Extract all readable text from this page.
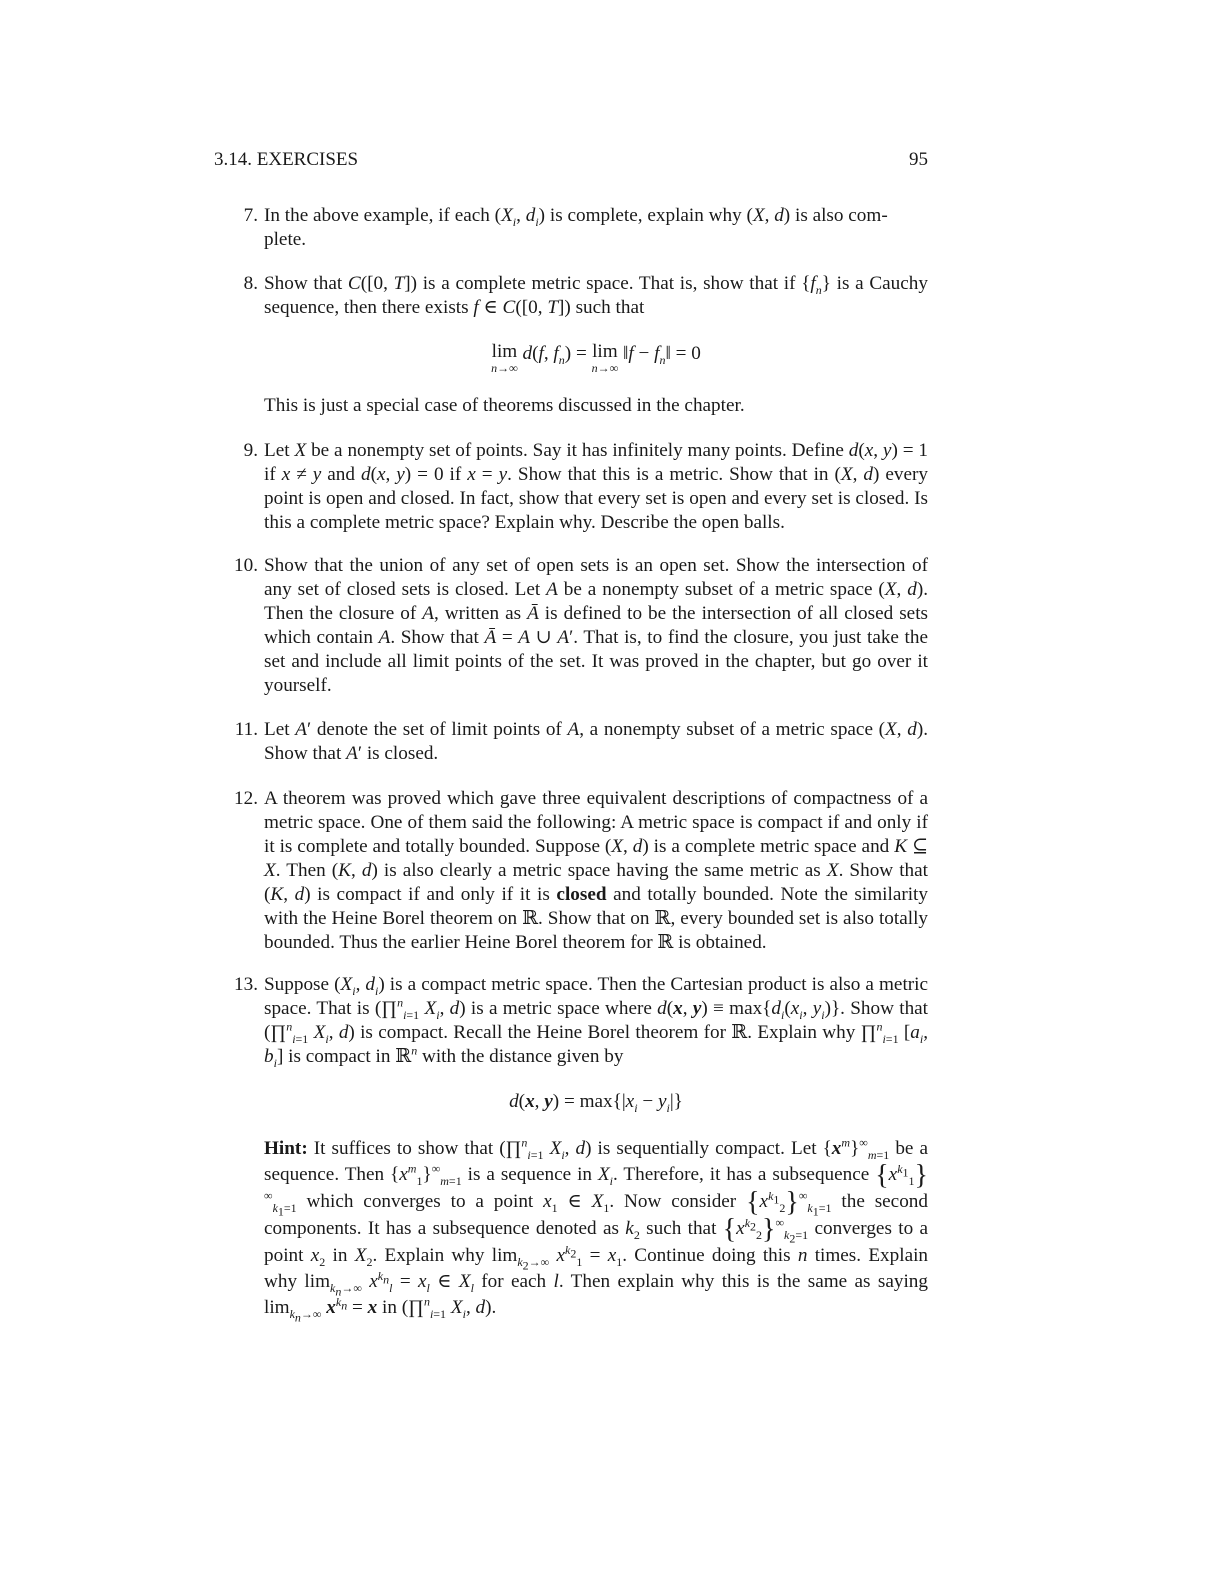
3.14. EXERCISES	95
7. In the above example, if each ($X_i$, $d_i$) is complete, explain why (X, d) is also com-
plete.
8. Show that C([0, T]) is a complete metric space. That is, show that if $\{f_n\}$ is a Cauchy sequence, then there exists f ∈ C([0, T]) such that
lim
n→∞
d(f, $f_n) = \lim$
n→∞
‖f − $f_n‖ = 0$
This is just a special case of theorems discussed in the chapter.
9. Let X be a nonempty set of points. Say it has infinitely many points. Define d(x, y) = 1 if x ≠ y and d(x, y) = 0 if x = y. Show that this is a metric. Show that in (X, d) every point is open and closed. In fact, show that every set is open and every set is closed. Is this a complete metric space? Explain why. Describe the open balls.
10. Show that the union of any set of open sets is an open set. Show the intersection of any set of closed sets is closed. Let A be a nonempty subset of a metric space (X, d). Then the closure of A, written as Ā is defined to be the intersection of all closed sets which contain A. Show that Ā = A ∪ A′. That is, to find the closure, you just take the set and include all limit points of the set. It was proved in the chapter, but go over it yourself.
11. Let A′ denote the set of limit points of A, a nonempty subset of a metric space (X, d). Show that A′ is closed.
12. A theorem was proved which gave three equivalent descriptions of compactness of a metric space. One of them said the following: A metric space is compact if and only if it is complete and totally bounded. Suppose (X, d) is a complete metric space and K ⊆ X. Then (K, d) is also clearly a metric space having the same metric as X. Show that (K, d) is compact if and only if it is closed and totally bounded. Note the similarity with the Heine Borel theorem on ℝ. Show that on ℝ, every bounded set is also totally bounded. Thus the earlier Heine Borel theorem for ℝ is obtained.
13. Suppose ($X_i$, $d_i$) is a compact metric space. Then the Cartesian product is also a metric space. That is (∏$^n_{i=1}$ $X_i$, d) is a metric space where d(x, $y) \equiv \max\{d_i(x_i$, $y_i$)}. Show that (∏$^n_{i=1}$ $X_i$, d) is compact. Recall the Heine Borel theorem for ℝ. Explain why ∏$^n_{i=1}$ [$a_i$, $b_i$] is compact in ℝ$^n$ with the distance given by
d(x, $y) = \max\{|x_i - y_i|\}$
Hint: It suffices to show that (∏$^n_{i=1}$ $X_i$, d) is sequentially compact. Let $\{x^m\}^\infty_{m=1}$ be a sequence. Then $\{x^m_1\}^\infty_{m=1}$ is a sequence in $X_i$. Therefore, it has a subsequence $\{x^{k_1}_1\}^\infty_{k_1=1}$ which converges to a point $x_1$ ∈ $X_1$. Now consider $\{x^{k_1}_2\}^\infty_{k_1=1}$ the second components. It has a subsequence denoted as $k_2$ such that $\{x^{k_2}_2\}^\infty_{k_2=1}$ converges to a point $x_2$ in $X_2$. Explain why $\lim_{k_2\to\infty} x^{k_2}_1 = x_1$. Continue doing this n times. Explain why $\lim_{k_n\to\infty} x^{k_n}_l = x_l$ ∈ $X_l$ for each l. Then explain why this is the same as saying $\lim_{k_n\to\infty} x^{k_n} = x$ in (∏$^n_{i=1}$ $X_i$, d).
